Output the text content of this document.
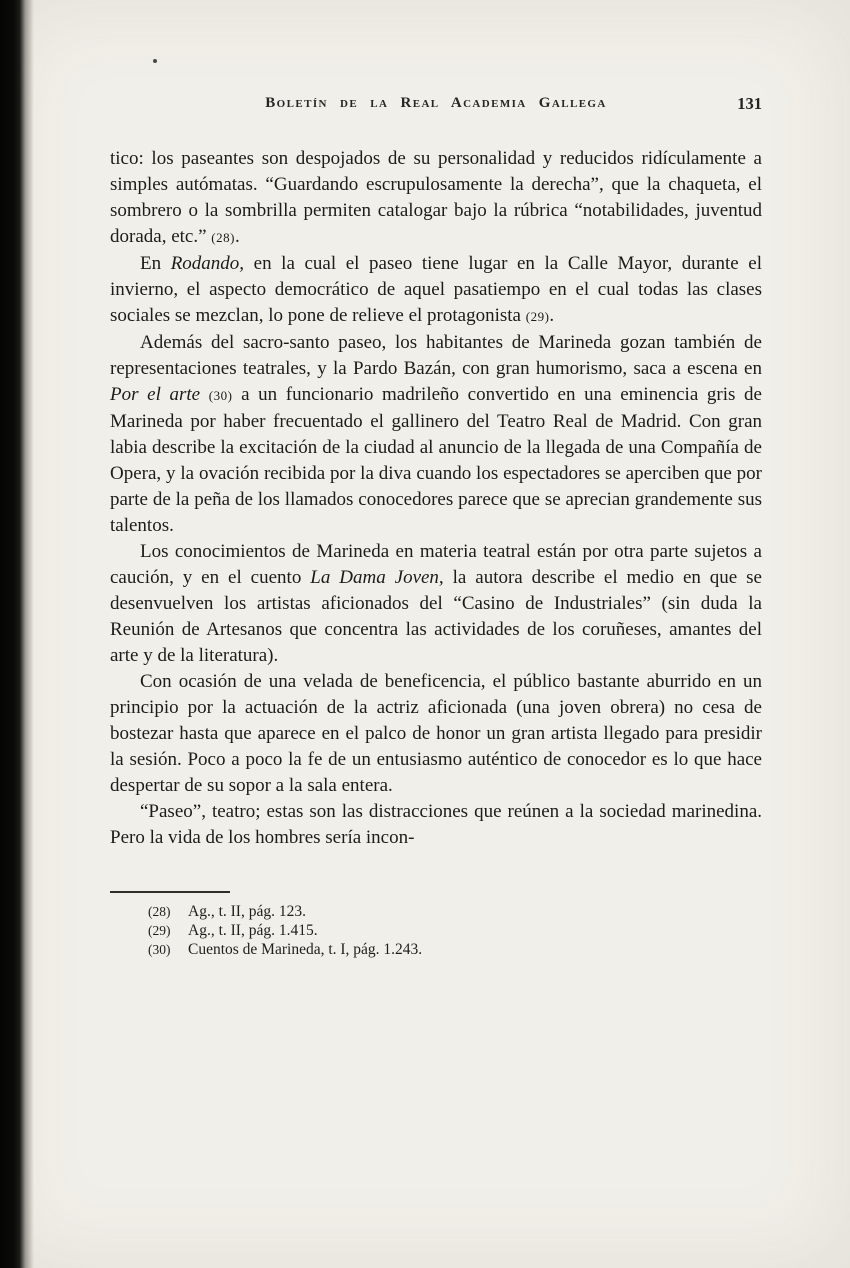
Boletín de la Real Academia Gallega	131

tico: los paseantes son despojados de su personalidad y reducidos ridículamente a simples autómatas. “Guardando escrupulosamente la derecha”, que la chaqueta, el sombrero o la sombrilla permiten catalogar bajo la rúbrica “notabilidades, juventud dorada, etc.” (28).

En Rodando, en la cual el paseo tiene lugar en la Calle Mayor, durante el invierno, el aspecto democrático de aquel pasatiempo en el cual todas las clases sociales se mezclan, lo pone de relieve el protagonista (29).

Además del sacro-santo paseo, los habitantes de Marineda gozan también de representaciones teatrales, y la Pardo Bazán, con gran humorismo, saca a escena en Por el arte (30) a un funcionario madrileño convertido en una eminencia gris de Marineda por haber frecuentado el gallinero del Teatro Real de Madrid. Con gran labia describe la excitación de la ciudad al anuncio de la llegada de una Compañía de Opera, y la ovación recibida por la diva cuando los espectadores se aperciben que por parte de la peña de los llamados conocedores parece que se aprecian grandemente sus talentos.

Los conocimientos de Marineda en materia teatral están por otra parte sujetos a caución, y en el cuento La Dama Joven, la autora describe el medio en que se desenvuelven los artistas aficionados del “Casino de Industriales” (sin duda la Reunión de Artesanos que concentra las actividades de los coruñeses, amantes del arte y de la literatura).

Con ocasión de una velada de beneficencia, el público bastante aburrido en un principio por la actuación de la actriz aficionada (una joven obrera) no cesa de bostezar hasta que aparece en el palco de honor un gran artista llegado para presidir la sesión. Poco a poco la fe de un entusiasmo auténtico de conocedor es lo que hace despertar de su sopor a la sala entera.

“Paseo”, teatro; estas son las distracciones que reúnen a la sociedad marinedina. Pero la vida de los hombres sería incon-

(28)	Ag., t. II, pág. 123.
(29)	Ag., t. II, pág. 1.415.
(30)	Cuentos de Marineda, t. I, pág. 1.243.
